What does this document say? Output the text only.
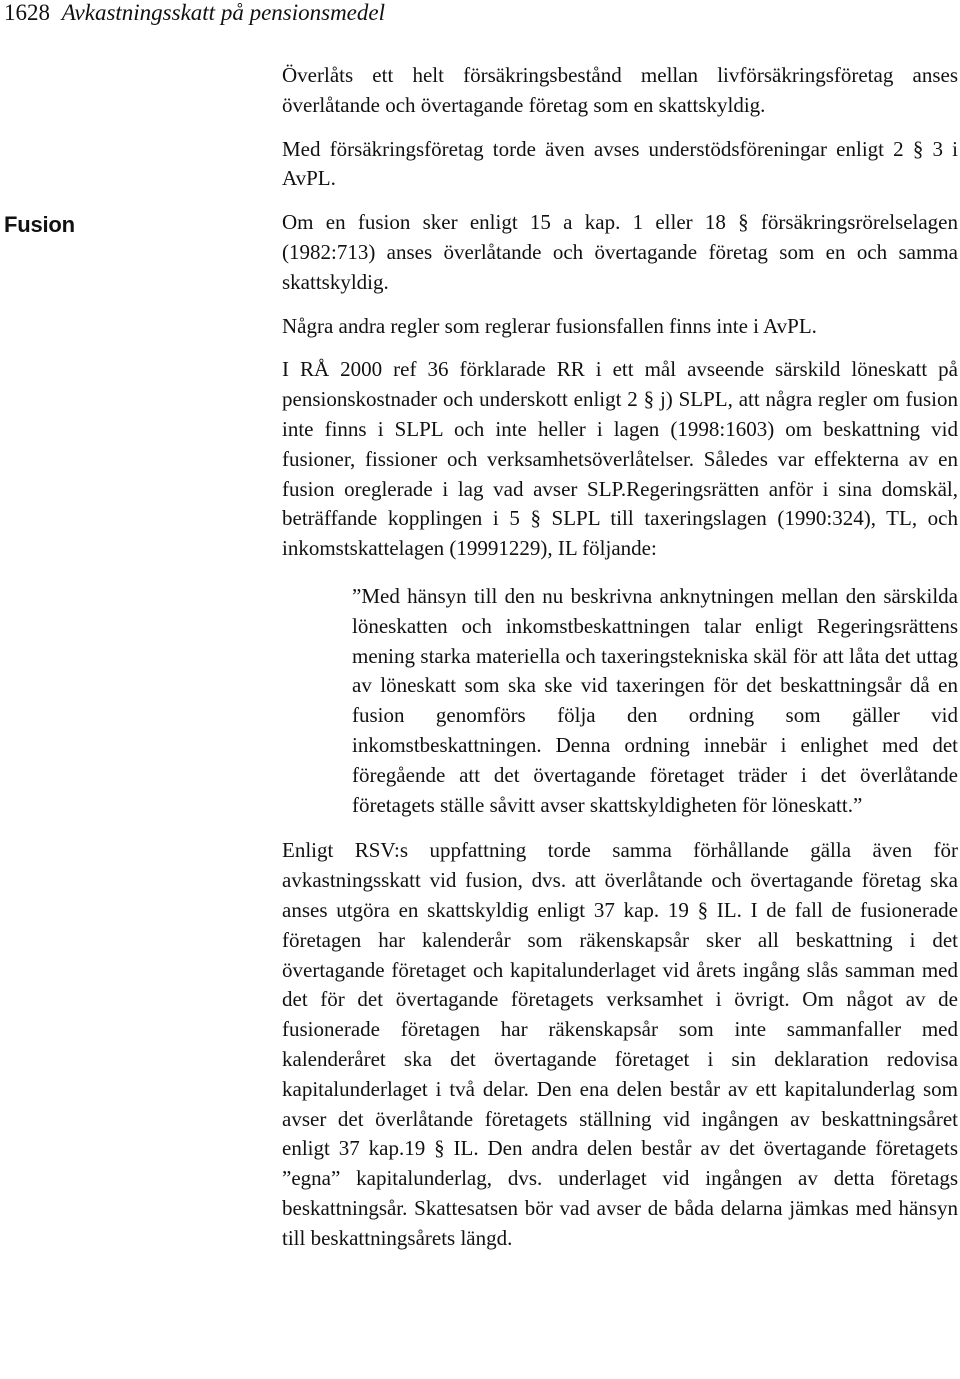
1628 Avkastningsskatt på pensionsmedel
Fusion

Överlåts ett helt försäkringsbestånd mellan livförsäkringsföretag anses överlåtande och övertagande företag som en skattskyldig.

Med försäkringsföretag torde även avses understödsföreningar enligt 2 § 3 i AvPL.

Om en fusion sker enligt 15 a kap. 1 eller 18 § försäkringsrörelselagen (1982:713) anses överlåtande och övertagande företag som en och samma skattskyldig.

Några andra regler som reglerar fusionsfallen finns inte i AvPL.

I RÅ 2000 ref 36 förklarade RR i ett mål avseende särskild löneskatt på pensionskostnader och underskott enligt 2 § j) SLPL, att några regler om fusion inte finns i SLPL och inte heller i lagen (1998:1603) om beskattning vid fusioner, fissioner och verksamhetsöverlåtelser. Således var effekterna av en fusion oreglerade i lag vad avser SLP.Regeringsrätten anför i sina domskäl, beträffande kopplingen i 5 § SLPL till taxeringslagen (1990:324), TL, och inkomstskattelagen (19991229), IL följande:

”Med hänsyn till den nu beskrivna anknytningen mellan den särskilda löneskatten och inkomstbeskattningen talar enligt Regeringsrättens mening starka materiella och taxeringstekniska skäl för att låta det uttag av löneskatt som ska ske vid taxeringen för det beskattningsår då en fusion genomförs följa den ordning som gäller vid inkomstbeskattningen. Denna ordning innebär i enlighet med det föregående att det övertagande företaget träder i det överlåtande företagets ställe såvitt avser skattskyldigheten för löneskatt.”

Enligt RSV:s uppfattning torde samma förhållande gälla även för avkastningsskatt vid fusion, dvs. att överlåtande och övertagande företag ska anses utgöra en skattskyldig enligt 37 kap. 19 § IL. I de fall de fusionerade företagen har kalenderår som räkenskapsår sker all beskattning i det övertagande företaget och kapitalunderlaget vid årets ingång slås samman med det för det övertagande företagets verksamhet i övrigt. Om något av de fusionerade företagen har räkenskapsår som inte sammanfaller med kalenderåret ska det övertagande företaget i sin deklaration redovisa kapitalunderlaget i två delar. Den ena delen består av ett kapitalunderlag som avser det överlåtande företagets ställning vid ingången av beskattningsåret enligt 37 kap.19 § IL. Den andra delen består av det övertagande företagets ”egna” kapitalunderlag, dvs. underlaget vid ingången av detta företags beskattningsår. Skattesatsen bör vad avser de båda delarna jämkas med hänsyn till beskattningsårets längd.
